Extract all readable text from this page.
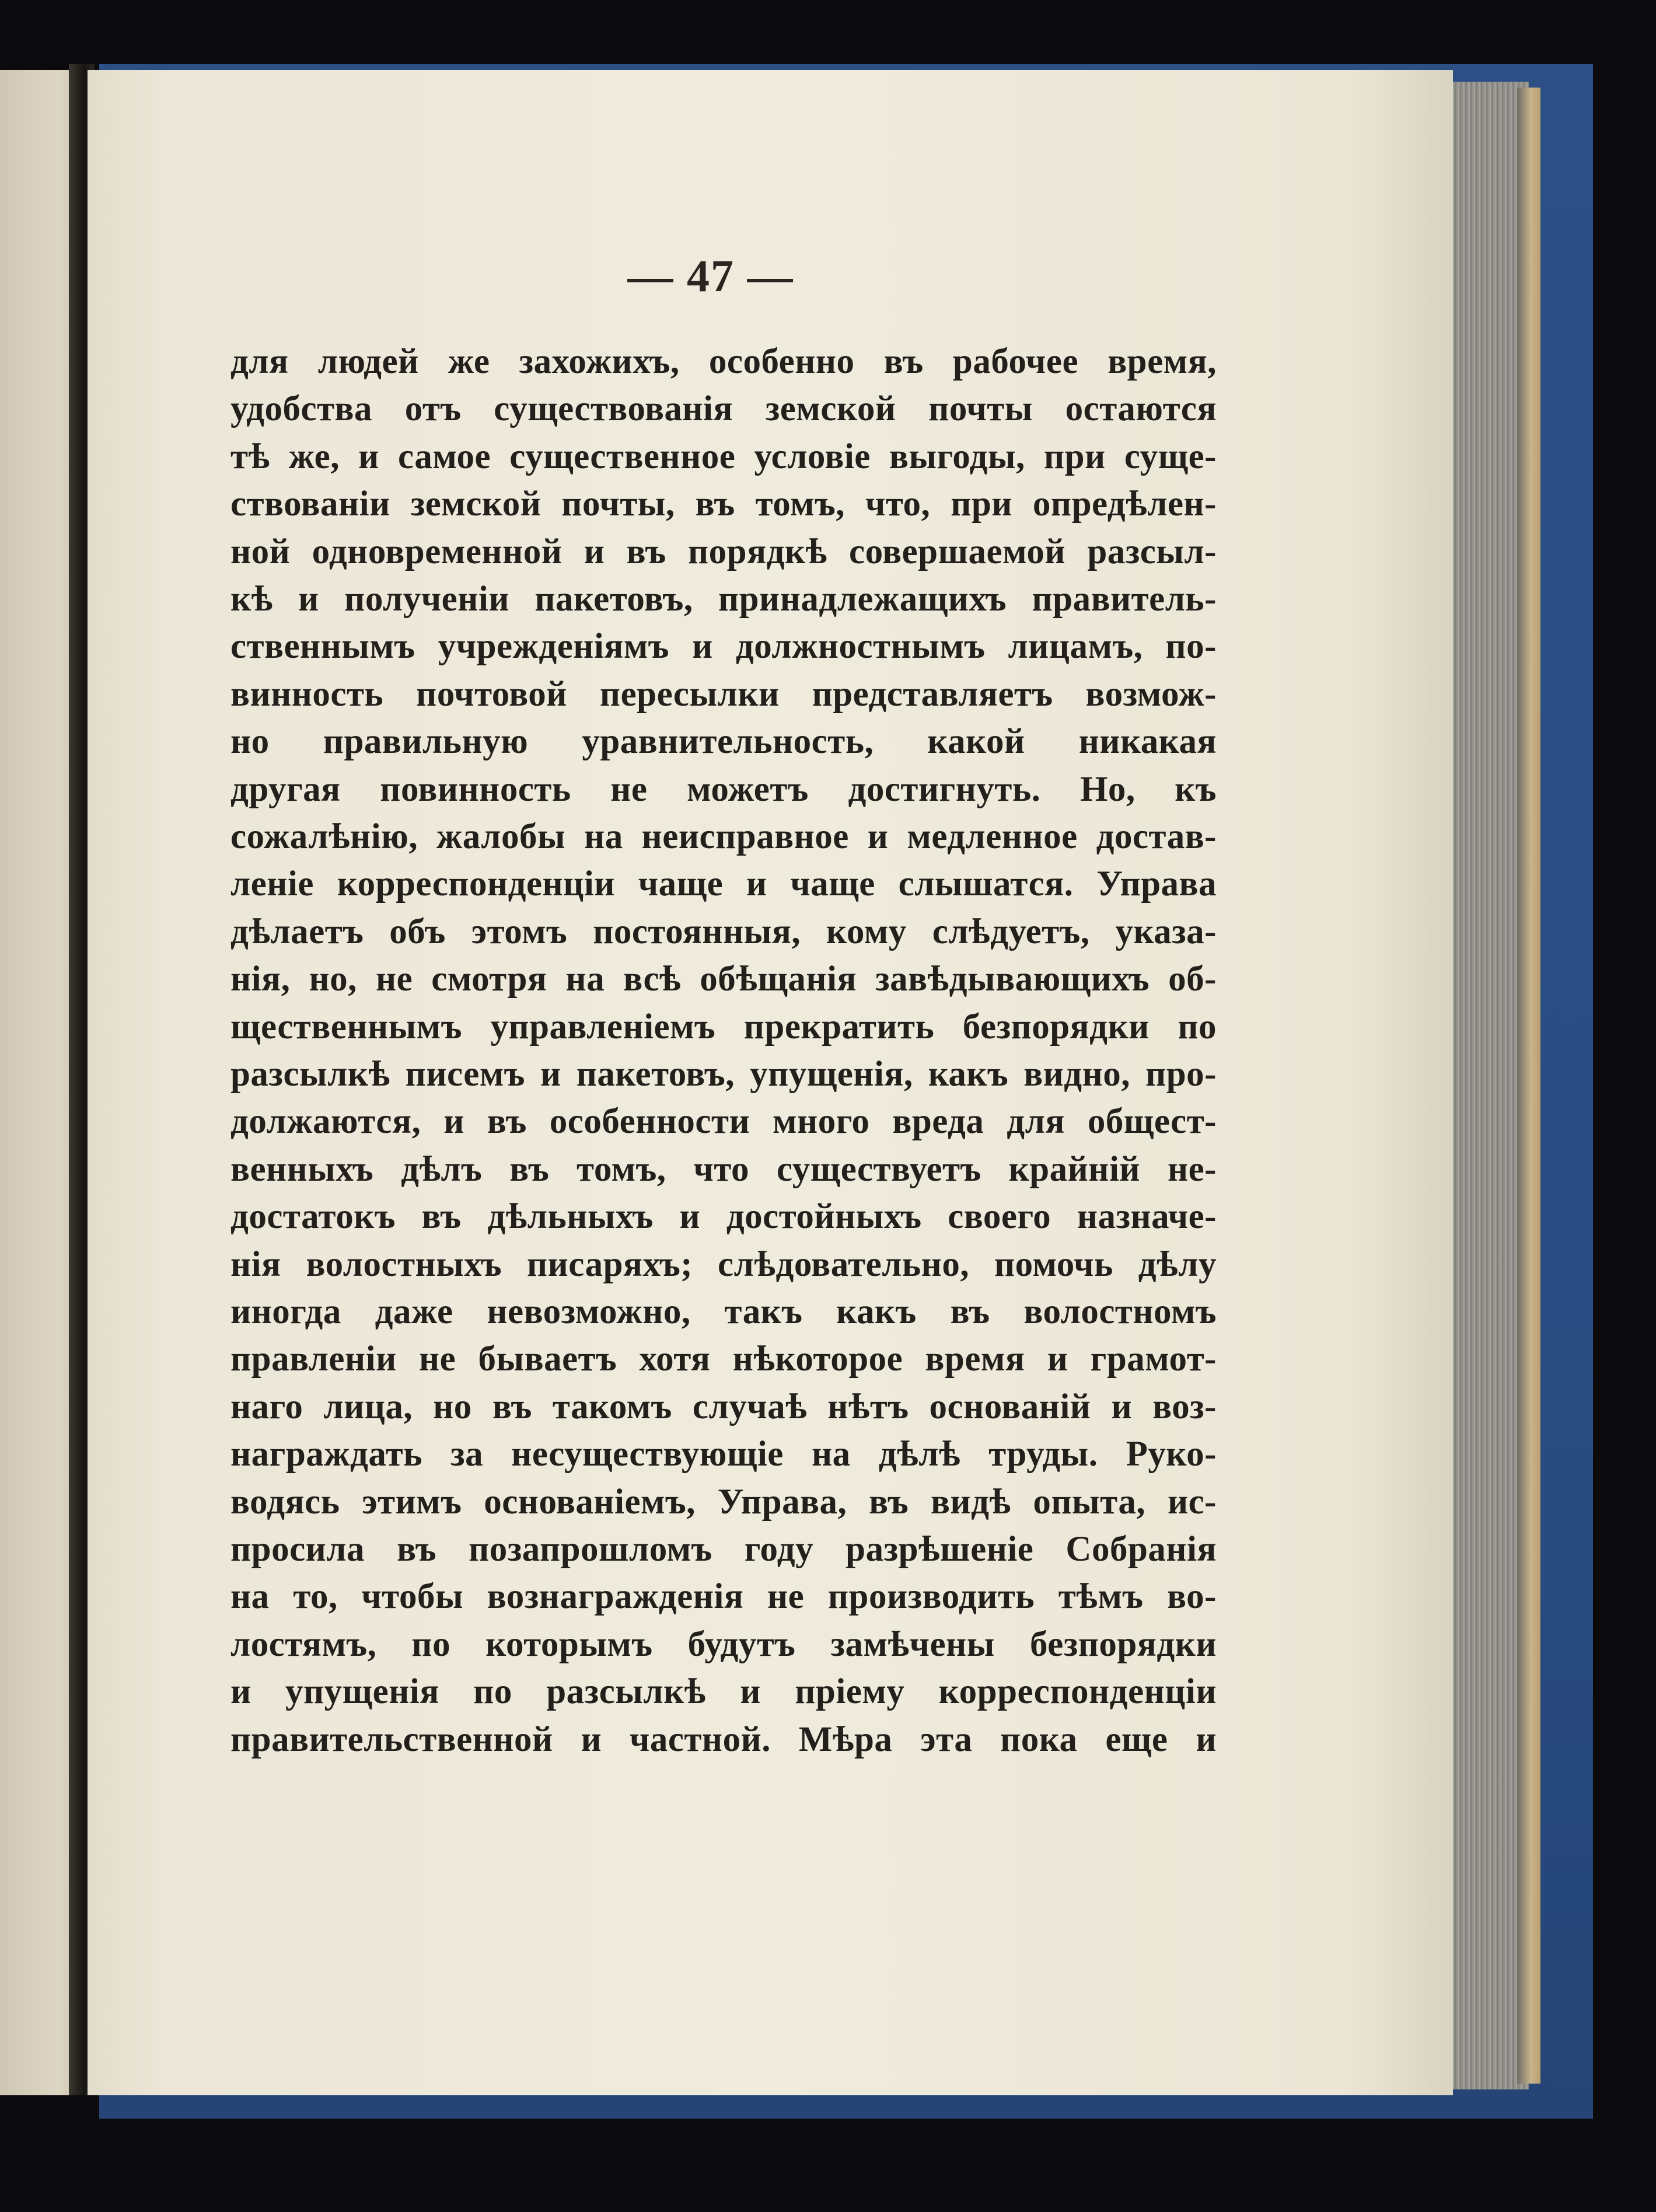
— 47 —
для людей же захожихъ, особенно въ рабочее время,
удобства отъ существованія земской почты остаются
тѣ же, и самое существенное условіе выгоды, при суще-
ствованіи земской почты, въ томъ, что, при опредѣлен-
ной одновременной и въ порядкѣ совершаемой разсыл-
кѣ и полученіи пакетовъ, принадлежащихъ правитель-
ственнымъ учрежденіямъ и должностнымъ лицамъ, по-
винность почтовой пересылки представляетъ возмож-
но правильную уравнительность, какой никакая
другая повинность не можетъ достигнуть. Но, къ
сожалѣнію, жалобы на неисправное и медленное достав-
леніе корреспонденціи чаще и чаще слышатся. Управа
дѣлаетъ объ этомъ постоянныя, кому слѣдуетъ, указа-
нія, но, не смотря на всѣ обѣщанія завѣдывающихъ об-
щественнымъ управленіемъ прекратить безпорядки по
разсылкѣ писемъ и пакетовъ, упущенія, какъ видно, про-
должаются, и въ особенности много вреда для общест-
венныхъ дѣлъ въ томъ, что существуетъ крайній не-
достатокъ въ дѣльныхъ и достойныхъ своего назначе-
нія волостныхъ писаряхъ; слѣдовательно, помочь дѣлу
иногда даже невозможно, такъ какъ въ волостномъ
правленіи не бываетъ хотя нѣкоторое время и грамот-
наго лица, но въ такомъ случаѣ нѣтъ основаній и воз-
награждать за несуществующіе на дѣлѣ труды. Руко-
водясь этимъ основаніемъ, Управа, въ видѣ опыта, ис-
просила въ позапрошломъ году разрѣшеніе Собранія
на то, чтобы вознагражденія не производить тѣмъ во-
лостямъ, по которымъ будутъ замѣчены безпорядки
и упущенія по разсылкѣ и пріему корреспонденціи
правительственной и частной. Мѣра эта пока еще и
